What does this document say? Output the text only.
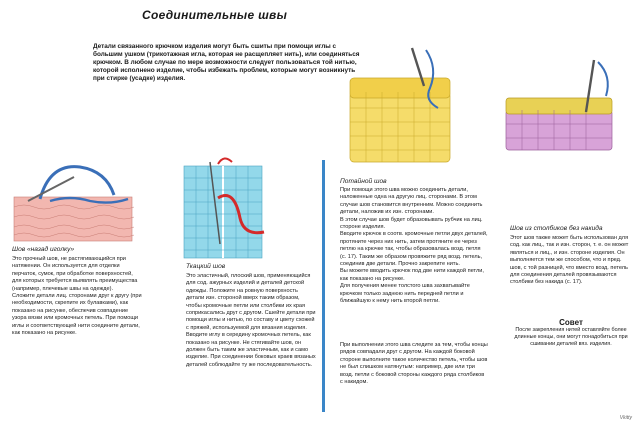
Соединительные швы
Детали связанного крючком изделия могут быть сшиты при помощи иглы с большим ушком (трикотажная игла, которая не расщепляет нить), или соединяться крючком. В любом случае по мере возможности следует пользоваться той нитью, которой исполнено изделие, чтобы избежать проблем, которые могут возникнуть при стирке (усадке) изделия.
Шов «назад иголку»

Это прочный шов, не растягивающийся при натяжении. Он используется для отделки перчаток, сумок, при обработке поверхностей, для которых требуется выявлять преимущества (например, плечевые швы на одежде).

Сложите детали лиц. сторонами друг к другу (при необходимости, скрепите их булавками), как показано на рисунке, обеспечив совпадение узора вязки или кромочных петель. При помощи иглы и соответствующей нити соедините детали, как показано на рисунке.

Ткацкий шов

Это эластичный, плоский шов, применяющийся для сод. ажурных изделий и деталей детской одежды. Положите на ровную поверхность детали изн. стороной вверх таким образом, чтобы кромочные петли или столбики их края соприкасались друг с другом. Сшейте детали при помощи иглы и нитью, по составу и цвету схожей с пряжей, используемой для вязания изделия. Вводите иглу в середину кромочных петель, как показано на рисунке. Не стягивайте шов, он должен быть таким же эластичным, как и само изделие. При соединении боковых краев вязаных деталей соблюдайте ту же последовательность.

Потайной шов

При помощи этого шва можно соединить детали, наложенные одна на другую лиц. сторонами. В этом случае шов становится внутренним. Можно соединить детали, наложив их изн. сторонами.

В этом случае шов будет образовывать рубчик на лиц. стороне изделия.

Вводите крючок в соотв. кромочные петли двух деталей, протяните через них нить, затем протяните ее через петлю на крючке так, чтобы образовалась возд. петля (с. 17). Таким же образом провяжите ряд возд. петель, соединив две детали. Прочно закрепите нить.

Вы можете вводить крючок под две нити каждой петли, как показано на рисунке.

Для получения менее толстого шва захватывайте крючком только заднюю нить передней петли и ближайшую к нему нить второй петли.

При выполнении этого шва следите за тем, чтобы концы рядов совпадали друг с другом. На каждой боковой стороне выполните такое количество петель, чтобы шов не был слишком натянутым: например, две или три возд. петли с боковой стороны каждого ряда столбиков с накидом.

Шов из столбиков без накида

Этот шов также может быть использован для сод. как лиц., так и изн. сторон, т. е. он может являться и лиц., и изн. стороне изделия. Он выполняется тем же способом, что и пред. шов, с той разницей, что вместо возд. петель для соединения деталей провязываются столбики без накида (с. 17).

Совет
После закрепления нитей оставляйте более длинные концы, они могут понадобиться при сшивании деталей вяз. изделия.
Vkitty
